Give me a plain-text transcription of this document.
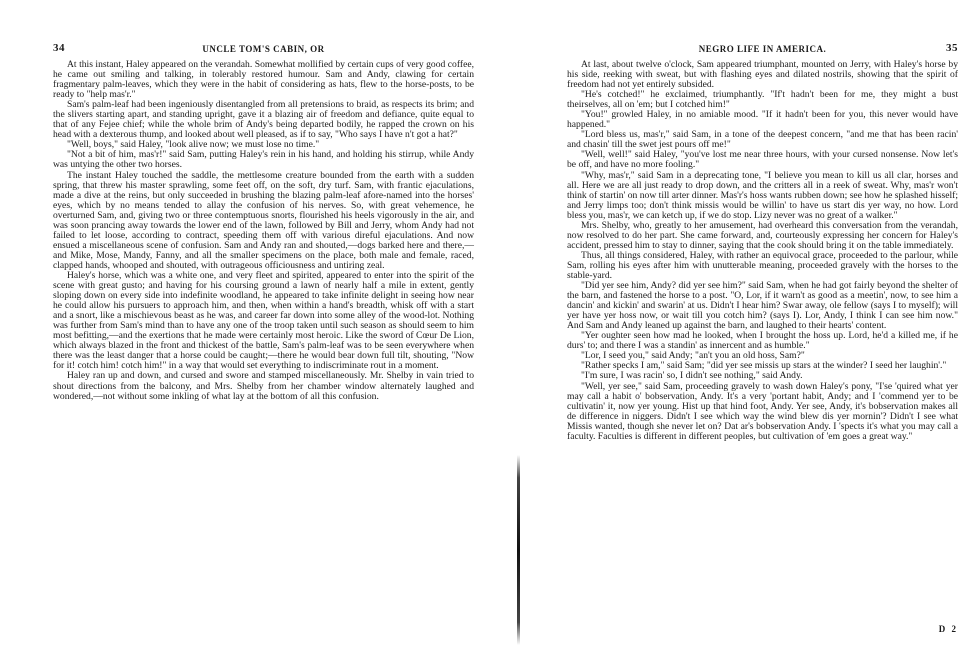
34	UNCLE TOM'S CABIN, OR

At this instant, Haley appeared on the verandah. Somewhat mollified by certain cups of very good coffee, he came out smiling and talking, in tolerably restored humour. Sam and Andy, clawing for certain fragmentary palm-leaves, which they were in the habit of considering as hats, flew to the horse-posts, to be ready to "help mas'r."

Sam's palm-leaf had been ingeniously disentangled from all pretensions to braid, as respects its brim; and the slivers starting apart, and standing upright, gave it a blazing air of freedom and defiance, quite equal to that of any Fejee chief; while the whole brim of Andy's being departed bodily, he rapped the crown on his head with a dexterous thump, and looked about well pleased, as if to say, "Who says I have n't got a hat?"

"Well, boys," said Haley, "look alive now; we must lose no time."

"Not a bit of him, mas'r!" said Sam, putting Haley's rein in his hand, and holding his stirrup, while Andy was untying the other two horses.

The instant Haley touched the saddle, the mettlesome creature bounded from the earth with a sudden spring, that threw his master sprawling, some feet off, on the soft, dry turf. Sam, with frantic ejaculations, made a dive at the reins, but only succeeded in brushing the blazing palm-leaf afore-named into the horses' eyes, which by no means tended to allay the confusion of his nerves. So, with great vehemence, he overturned Sam, and, giving two or three contemptuous snorts, flourished his heels vigorously in the air, and was soon prancing away towards the lower end of the lawn, followed by Bill and Jerry, whom Andy had not failed to let loose, according to contract, speeding them off with various direful ejaculations. And now ensued a miscellaneous scene of confusion. Sam and Andy ran and shouted,—dogs barked here and there,—and Mike, Mose, Mandy, Fanny, and all the smaller specimens on the place, both male and female, raced, clapped hands, whooped and shouted, with outrageous officiousness and untiring zeal.

Haley's horse, which was a white one, and very fleet and spirited, appeared to enter into the spirit of the scene with great gusto; and having for his coursing ground a lawn of nearly half a mile in extent, gently sloping down on every side into indefinite woodland, he appeared to take infinite delight in seeing how near he could allow his pursuers to approach him, and then, when within a hand's breadth, whisk off with a start and a snort, like a mischievous beast as he was, and career far down into some alley of the wood-lot. Nothing was further from Sam's mind than to have any one of the troop taken until such season as should seem to him most befitting,—and the exertions that he made were certainly most heroic. Like the sword of Cœur De Lion, which always blazed in the front and thickest of the battle, Sam's palm-leaf was to be seen everywhere when there was the least danger that a horse could be caught;—there he would bear down full tilt, shouting, "Now for it! cotch him! cotch him!" in a way that would set everything to indiscriminate rout in a moment.

Haley ran up and down, and cursed and swore and stamped miscellaneously. Mr. Shelby in vain tried to shout directions from the balcony, and Mrs. Shelby from her chamber window alternately laughed and wondered,—not without some inkling of what lay at the bottom of all this confusion.

NEGRO LIFE IN AMERICA.	35

At last, about twelve o'clock, Sam appeared triumphant, mounted on Jerry, with Haley's horse by his side, reeking with sweat, but with flashing eyes and dilated nostrils, showing that the spirit of freedom had not yet entirely subsided.

"He's cotched!" he exclaimed, triumphantly. "If't hadn't been for me, they might a bust theirselves, all on 'em; but I cotched him!"

"You!" growled Haley, in no amiable mood. "If it hadn't been for you, this never would have happened."

"Lord bless us, mas'r," said Sam, in a tone of the deepest concern, "and me that has been racin' and chasin' till the swet jest pours off me!"

"Well, well!" said Haley, "you've lost me near three hours, with your cursed nonsense. Now let's be off, and have no more fooling."

"Why, mas'r," said Sam in a deprecating tone, "I believe you mean to kill us all clar, horses and all. Here we are all just ready to drop down, and the critters all in a reek of sweat. Why, mas'r won't think of startin' on now till arter dinner. Mas'r's hoss wants rubben down; see how he splashed hisself; and Jerry limps too; don't think missis would be willin' to have us start dis yer way, no how. Lord bless you, mas'r, we can ketch up, if we do stop. Lizy never was no great of a walker."

Mrs. Shelby, who, greatly to her amusement, had overheard this conversation from the verandah, now resolved to do her part. She came forward, and, courteously expressing her concern for Haley's accident, pressed him to stay to dinner, saying that the cook should bring it on the table immediately.

Thus, all things considered, Haley, with rather an equivocal grace, proceeded to the parlour, while Sam, rolling his eyes after him with unutterable meaning, proceeded gravely with the horses to the stable-yard.

"Did yer see him, Andy? did yer see him?" said Sam, when he had got fairly beyond the shelter of the barn, and fastened the horse to a post. "O, Lor, if it warn't as good as a meetin', now, to see him a dancin' and kickin' and swarin' at us. Didn't I hear him? Swar away, ole fellow (says I to myself); will yer have yer hoss now, or wait till you cotch him? (says I). Lor, Andy, I think I can see him now." And Sam and Andy leaned up against the barn, and laughed to their hearts' content.

"Yer oughter seen how mad he looked, when I brought the hoss up. Lord, he'd a killed me, if he durs' to; and there I was a standin' as innercent and as humble."

"Lor, I seed you," said Andy; "an't you an old hoss, Sam?"

"Rather specks I am," said Sam; "did yer see missis up stars at the winder? I seed her laughin'."

"I'm sure, I was racin' so, I didn't see nothing," said Andy.

"Well, yer see," said Sam, proceeding gravely to wash down Haley's pony, "I'se 'quired what yer may call a habit o' bobservation, Andy. It's a very 'portant habit, Andy; and I 'commend yer to be cultivatin' it, now yer young. Hist up that hind foot, Andy. Yer see, Andy, it's bobservation makes all de difference in niggers. Didn't I see which way the wind blew dis yer mornin'? Didn't I see what Missis wanted, though she never let on? Dat ar's bobservation Andy. I 'spects it's what you may call a faculty. Faculties is different in different peoples, but cultivation of 'em goes a great way."

D 2
